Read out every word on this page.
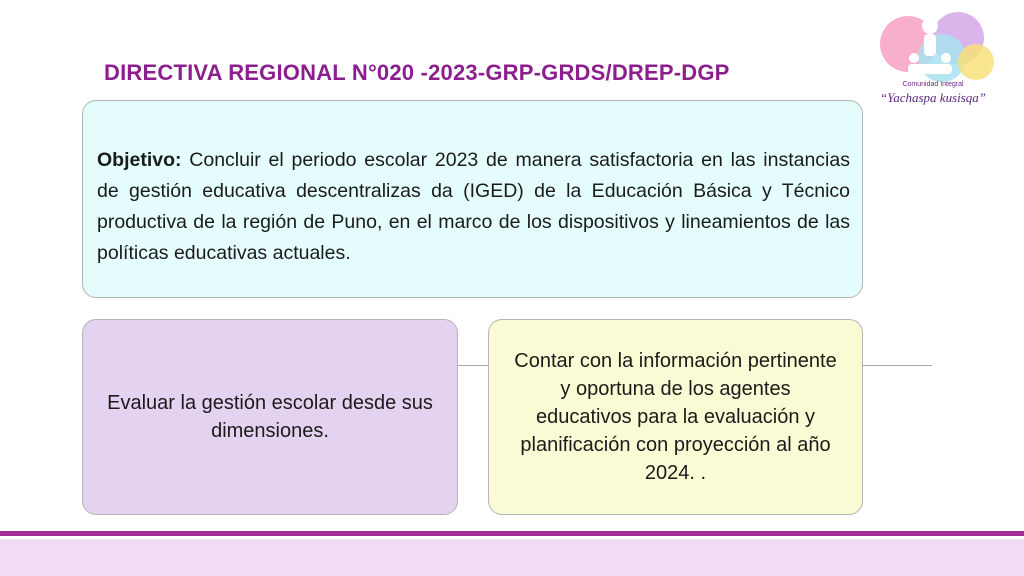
DIRECTIVA REGIONAL N°020 -2023-GRP-GRDS/DREP-DGP	Comunidad Integral
“Yachaspa kusisqa”
Objetivo: Concluir el periodo escolar 2023 de manera satisfactoria en las instancias de gestión educativa descentralizas da (IGED) de la Educación Básica y Técnico productiva de la región de Puno, en el marco de los dispositivos y lineamientos de las políticas educativas actuales.
Evaluar la gestión escolar desde sus dimensiones.
Contar con la información pertinente y oportuna de los agentes educativos para la evaluación y planificación con proyección al año 2024. .
